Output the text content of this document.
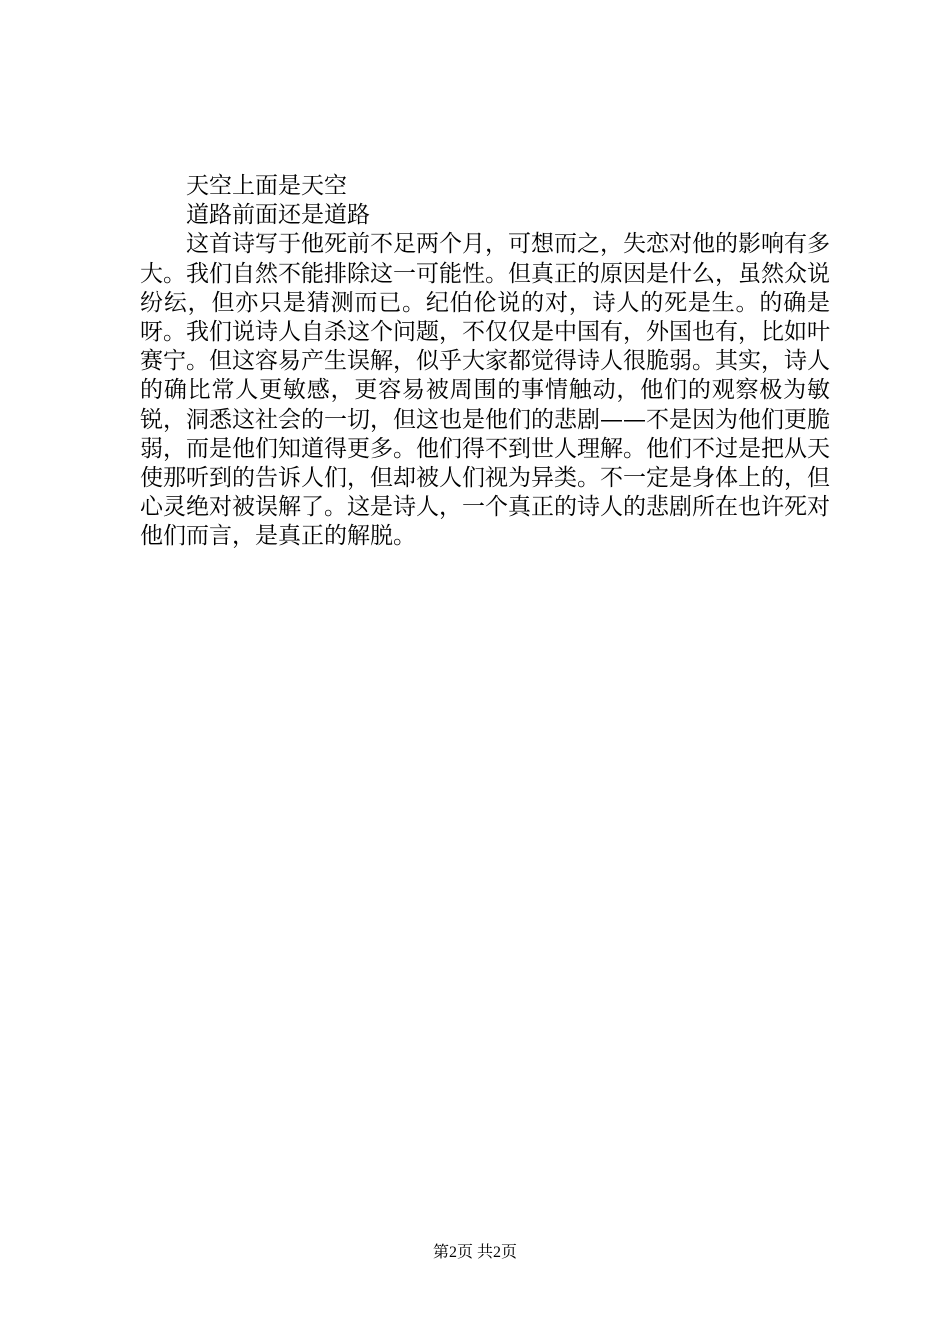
天空上面是天空
道路前面还是道路

这首诗写于他死前不足两个月，可想而之，失恋对他的影响有多大。我们自然不能排除这一可能性。但真正的原因是什么，虽然众说纷纭，但亦只是猜测而已。纪伯伦说的对，诗人的死是生。的确是呀。我们说诗人自杀这个问题，不仅仅是中国有，外国也有，比如叶赛宁。但这容易产生误解，似乎大家都觉得诗人很脆弱。其实，诗人的确比常人更敏感，更容易被周围的事情触动，他们的观察极为敏锐，洞悉这社会的一切，但这也是他们的悲剧——不是因为他们更脆弱，而是他们知道得更多。他们得不到世人理解。他们不过是把从天使那听到的告诉人们，但却被人们视为异类。不一定是身体上的，但心灵绝对被误解了。这是诗人，一个真正的诗人的悲剧所在也许死对他们而言，是真正的解脱。

第2页 共2页
